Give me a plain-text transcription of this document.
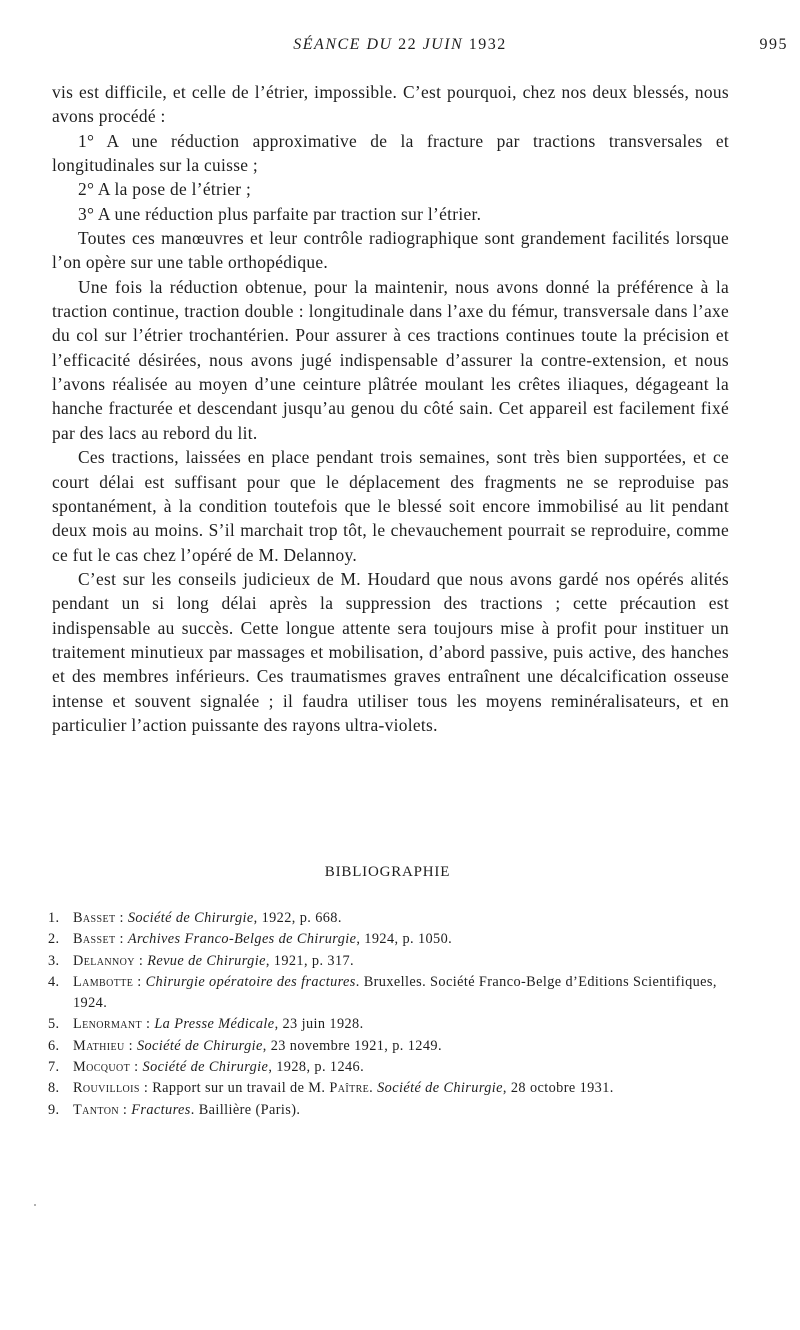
SÉANCE DU 22 JUIN 1932	995

vis est difficile, et celle de l’étrier, impossible. C’est pourquoi, chez nos deux blessés, nous avons procédé :

1° A une réduction approximative de la fracture par tractions transversales et longitudinales sur la cuisse ;

2° A la pose de l’étrier ;

3° A une réduction plus parfaite par traction sur l’étrier.

Toutes ces manœuvres et leur contrôle radiographique sont grandement facilités lorsque l’on opère sur une table orthopédique.

Une fois la réduction obtenue, pour la maintenir, nous avons donné la préférence à la traction continue, traction double : longitudinale dans l’axe du fémur, transversale dans l’axe du col sur l’étrier trochantérien. Pour assurer à ces tractions continues toute la précision et l’efficacité désirées, nous avons jugé indispensable d’assurer la contre-extension, et nous l’avons réalisée au moyen d’une ceinture plâtrée moulant les crêtes iliaques, dégageant la hanche fracturée et descendant jusqu’au genou du côté sain. Cet appareil est facilement fixé par des lacs au rebord du lit.

Ces tractions, laissées en place pendant trois semaines, sont très bien supportées, et ce court délai est suffisant pour que le déplacement des fragments ne se reproduise pas spontanément, à la condition toutefois que le blessé soit encore immobilisé au lit pendant deux mois au moins. S’il marchait trop tôt, le chevauchement pourrait se reproduire, comme ce fut le cas chez l’opéré de M. Delannoy.

C’est sur les conseils judicieux de M. Houdard que nous avons gardé nos opérés alités pendant un si long délai après la suppression des tractions ; cette précaution est indispensable au succès. Cette longue attente sera toujours mise à profit pour instituer un traitement minutieux par massages et mobilisation, d’abord passive, puis active, des hanches et des membres inférieurs. Ces traumatismes graves entraînent une décalcification osseuse intense et souvent signalée ; il faudra utiliser tous les moyens reminéralisateurs, et en particulier l’action puissante des rayons ultra-violets.

BIBLIOGRAPHIE
1. Basset : Société de Chirurgie, 1922, p. 668.
2. Basset : Archives Franco-Belges de Chirurgie, 1924, p. 1050.
3. Delannoy : Revue de Chirurgie, 1921, p. 317.
4. Lambotte : Chirurgie opératoire des fractures. Bruxelles. Société Franco-Belge d’Editions Scientifiques, 1924.
5. Lenormant : La Presse Médicale, 23 juin 1928.
6. Mathieu : Société de Chirurgie, 23 novembre 1921, p. 1249.
7. Mocquot : Société de Chirurgie, 1928, p. 1246.
8. Rouvillois : Rapport sur un travail de M. Paître. Société de Chirurgie, 28 octobre 1931.
9. Tanton : Fractures. Baillière (Paris).
